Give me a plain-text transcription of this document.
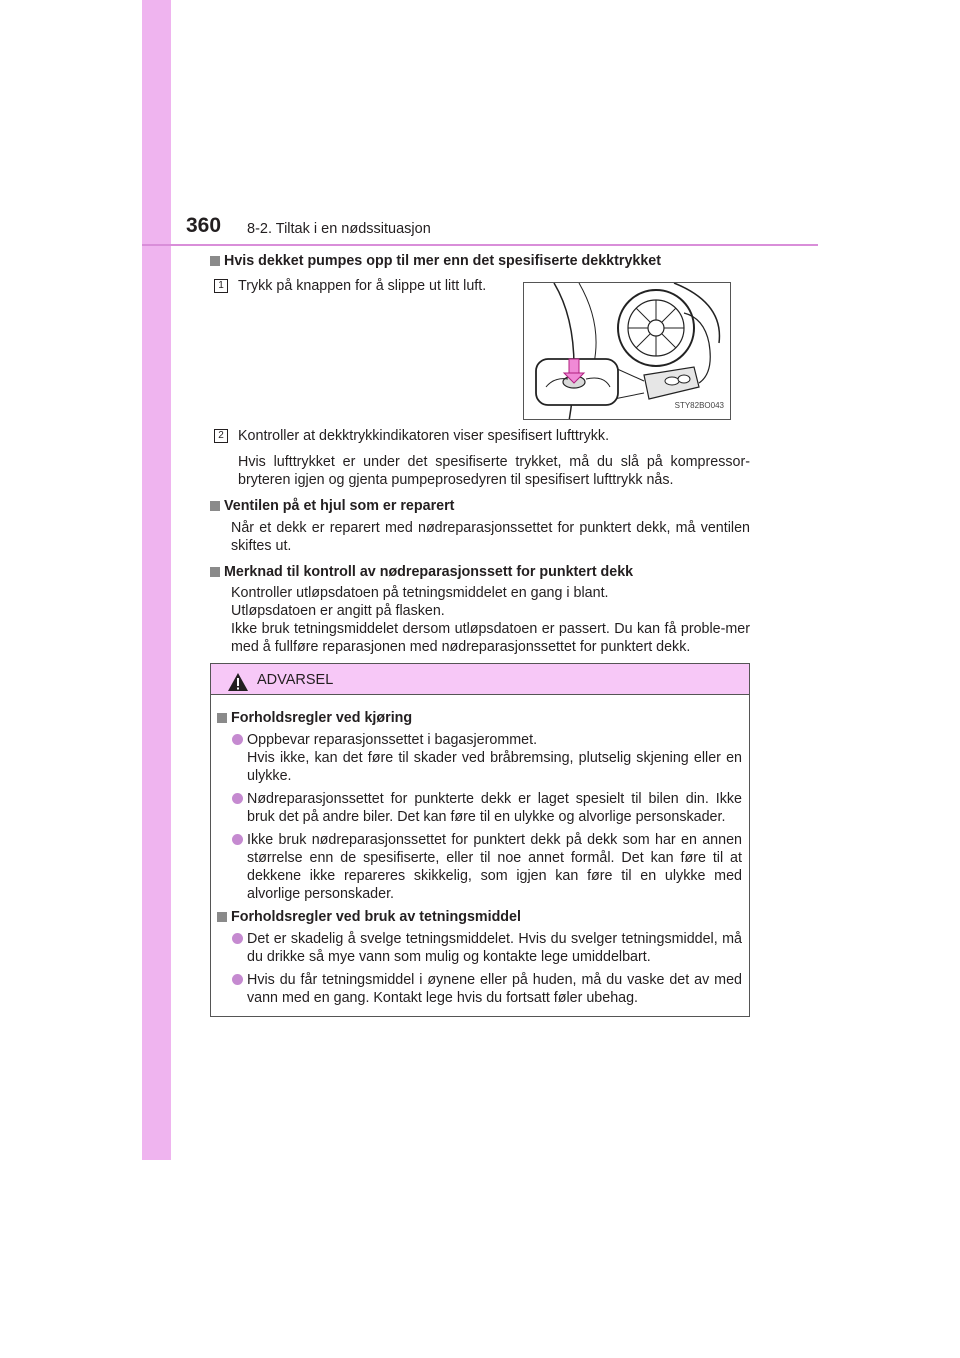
360 8-2. Tiltak i en nødssituasjon
Hvis dekket pumpes opp til mer enn det spesifiserte dekktrykket
1 Trykk på knappen for å slippe ut litt luft.
STY82BO043
2 Kontroller at dekktrykkindikatoren viser spesifisert lufttrykk.
Hvis lufttrykket er under det spesifiserte trykket, må du slå på kompressor-bryteren igjen og gjenta pumpeprosedyren til spesifisert lufttrykk nås.
Ventilen på et hjul som er reparert
Når et dekk er reparert med nødreparasjonssettet for punktert dekk, må ventilen skiftes ut.
Merknad til kontroll av nødreparasjonssett for punktert dekk
Kontroller utløpsdatoen på tetningsmiddelet en gang i blant.
Utløpsdatoen er angitt på flasken.
Ikke bruk tetningsmiddelet dersom utløpsdatoen er passert. Du kan få proble-mer med å fullføre reparasjonen med nødreparasjonssettet for punktert dekk.
ADVARSEL
Forholdsregler ved kjøring
Oppbevar reparasjonssettet i bagasjerommet.
Hvis ikke, kan det føre til skader ved bråbremsing, plutselig skjening eller en ulykke.
Nødreparasjonssettet for punkterte dekk er laget spesielt til bilen din. Ikke bruk det på andre biler. Det kan føre til en ulykke og alvorlige personskader.
Ikke bruk nødreparasjonssettet for punktert dekk på dekk som har en annen størrelse enn de spesifiserte, eller til noe annet formål. Det kan føre til at dekkene ikke repareres skikkelig, som igjen kan føre til en ulykke med alvorlige personskader.
Forholdsregler ved bruk av tetningsmiddel
Det er skadelig å svelge tetningsmiddelet. Hvis du svelger tetningsmiddel, må du drikke så mye vann som mulig og kontakte lege umiddelbart.
Hvis du får tetningsmiddel i øynene eller på huden, må du vaske det av med vann med en gang. Kontakt lege hvis du fortsatt føler ubehag.
